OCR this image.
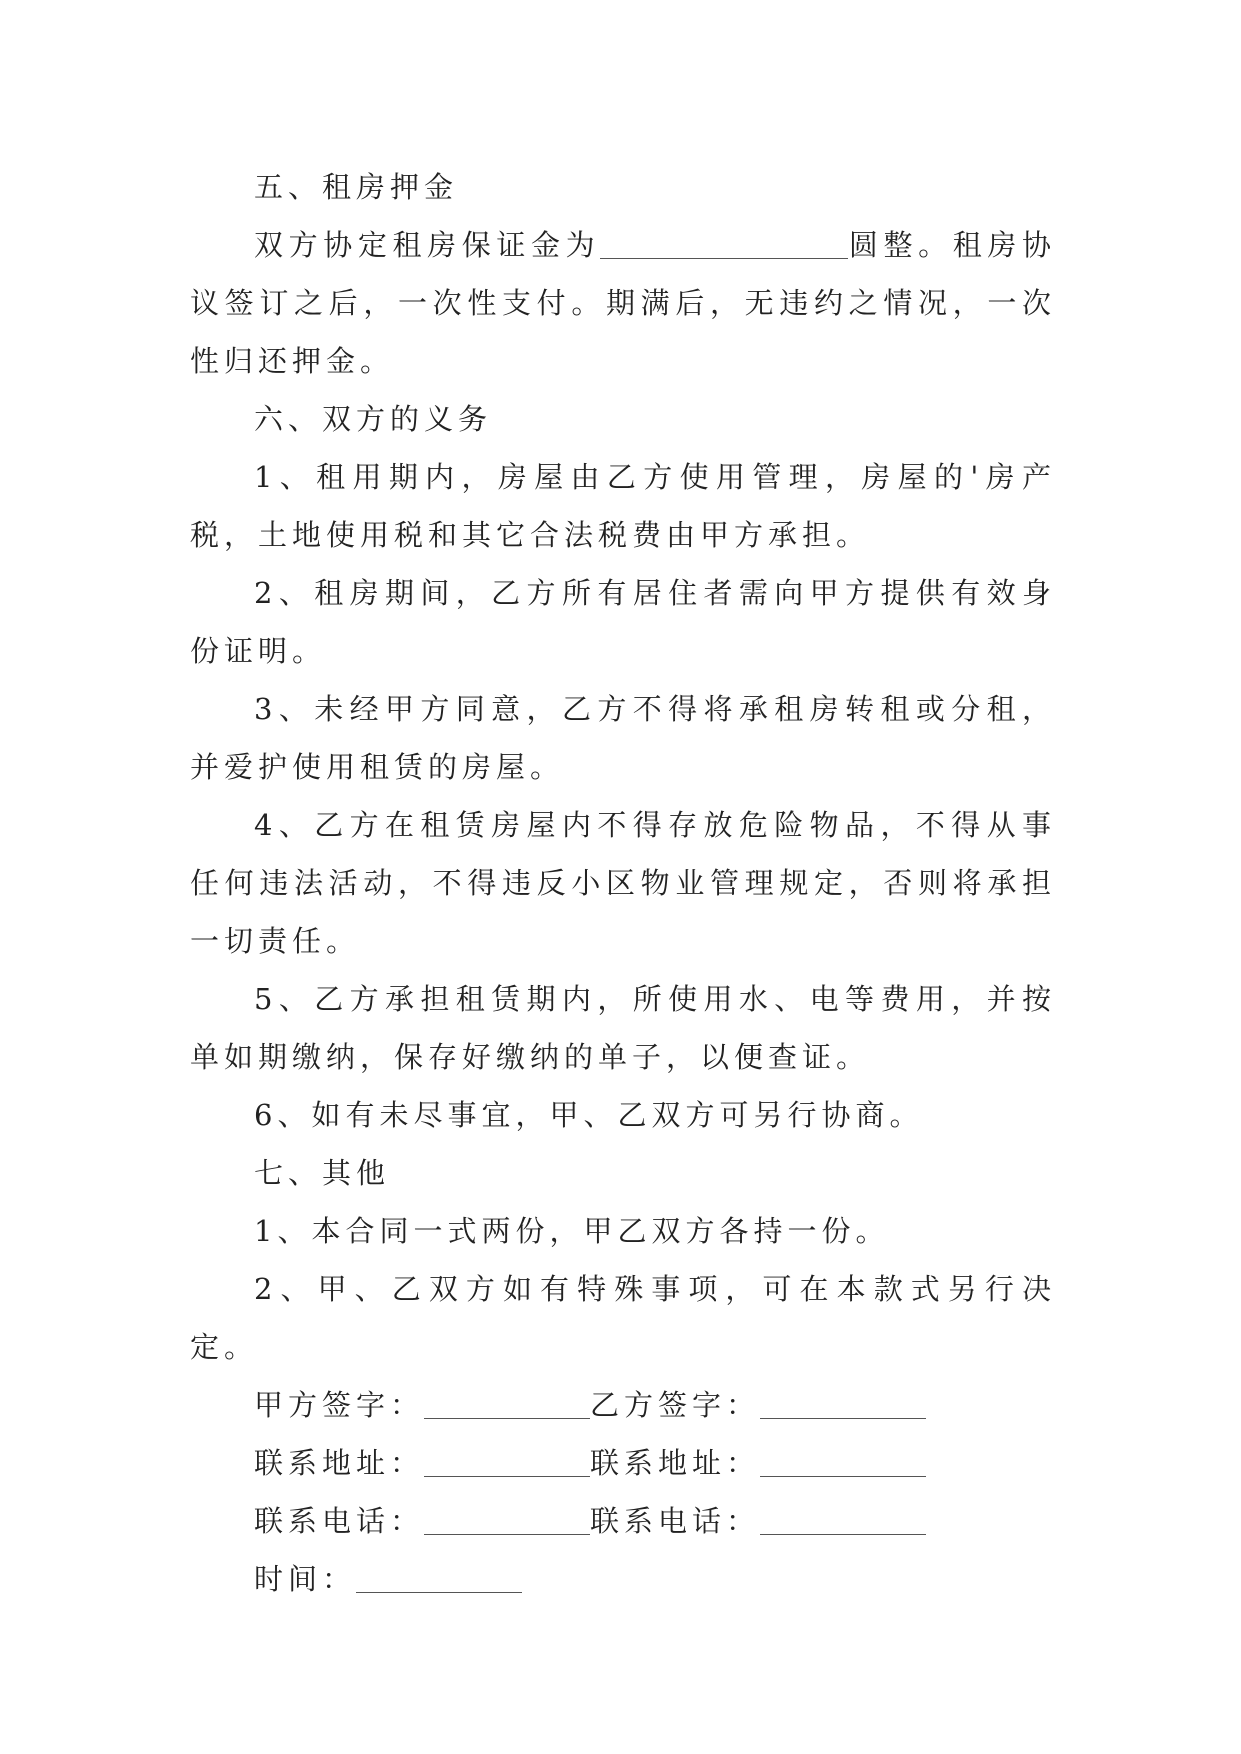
五、租房押金

双方协定租房保证金为	圆整。租房协议签订之后，一次性支付。期满后，无违约之情况，一次性归还押金。

六、双方的义务

1、租用期内，房屋由乙方使用管理，房屋的'房产税，土地使用税和其它合法税费由甲方承担。

2、租房期间，乙方所有居住者需向甲方提供有效身份证明。

3、未经甲方同意，乙方不得将承租房转租或分租，并爱护使用租赁的房屋。

4、乙方在租赁房屋内不得存放危险物品，不得从事任何违法活动，不得违反小区物业管理规定，否则将承担一切责任。

5、乙方承担租赁期内，所使用水、电等费用，并按单如期缴纳，保存好缴纳的单子，以便查证。

6、如有未尽事宜，甲、乙双方可另行协商。

七、其他

1、本合同一式两份，甲乙双方各持一份。

2、甲、乙双方如有特殊事项，可在本款式另行决定。

甲方签字：	乙方签字：

联系地址：	联系地址：

联系电话：	联系电话：

时间：
